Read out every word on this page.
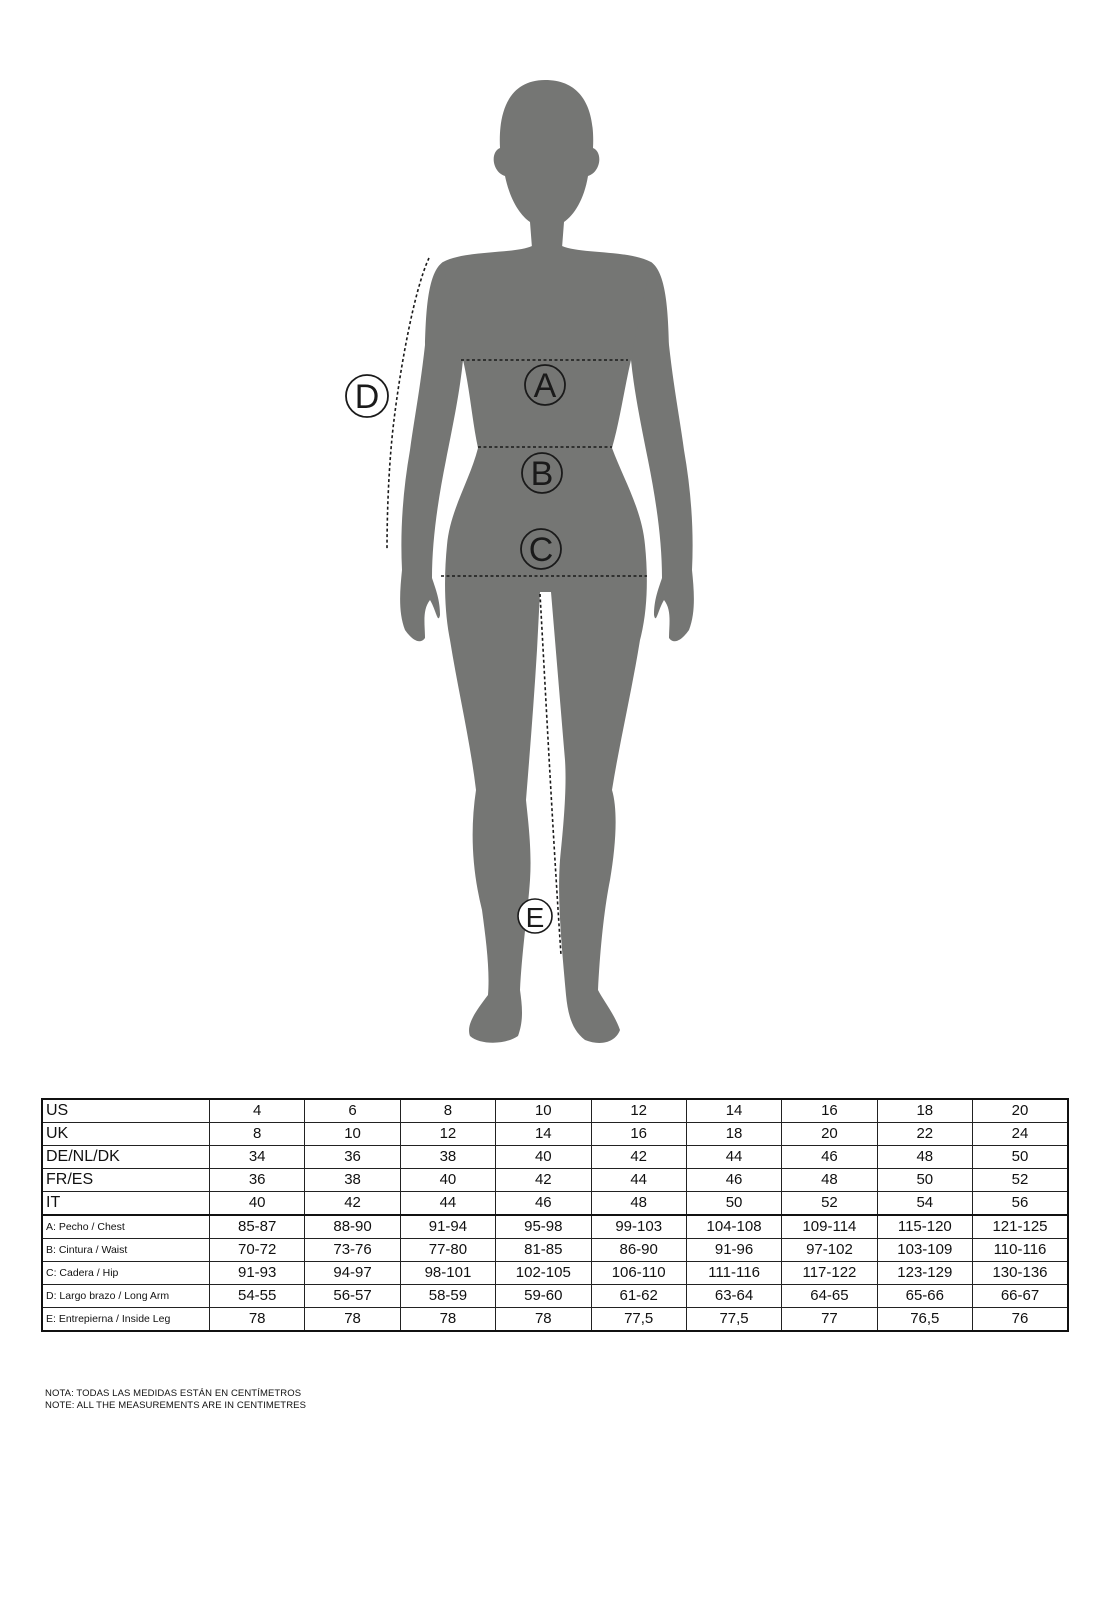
A
B
C
D
E
US	4	6	8	10	12	14	16	18	20
UK	8	10	12	14	16	18	20	22	24
DE/NL/DK	34	36	38	40	42	44	46	48	50
FR/ES	36	38	40	42	44	46	48	50	52
IT	40	42	44	46	48	50	52	54	56
A: Pecho / Chest	85-87	88-90	91-94	95-98	99-103	104-108	109-114	115-120	121-125
B: Cintura / Waist	70-72	73-76	77-80	81-85	86-90	91-96	97-102	103-109	110-116
C: Cadera / Hip	91-93	94-97	98-101	102-105	106-110	111-116	117-122	123-129	130-136
D: Largo brazo / Long Arm	54-55	56-57	58-59	59-60	61-62	63-64	64-65	65-66	66-67
E: Entrepierna / Inside Leg	78	78	78	78	77,5	77,5	77	76,5	76
NOTA: TODAS LAS MEDIDAS ESTÁN EN CENTÍMETROS
NOTE: ALL THE MEASUREMENTS ARE IN CENTIMETRES
